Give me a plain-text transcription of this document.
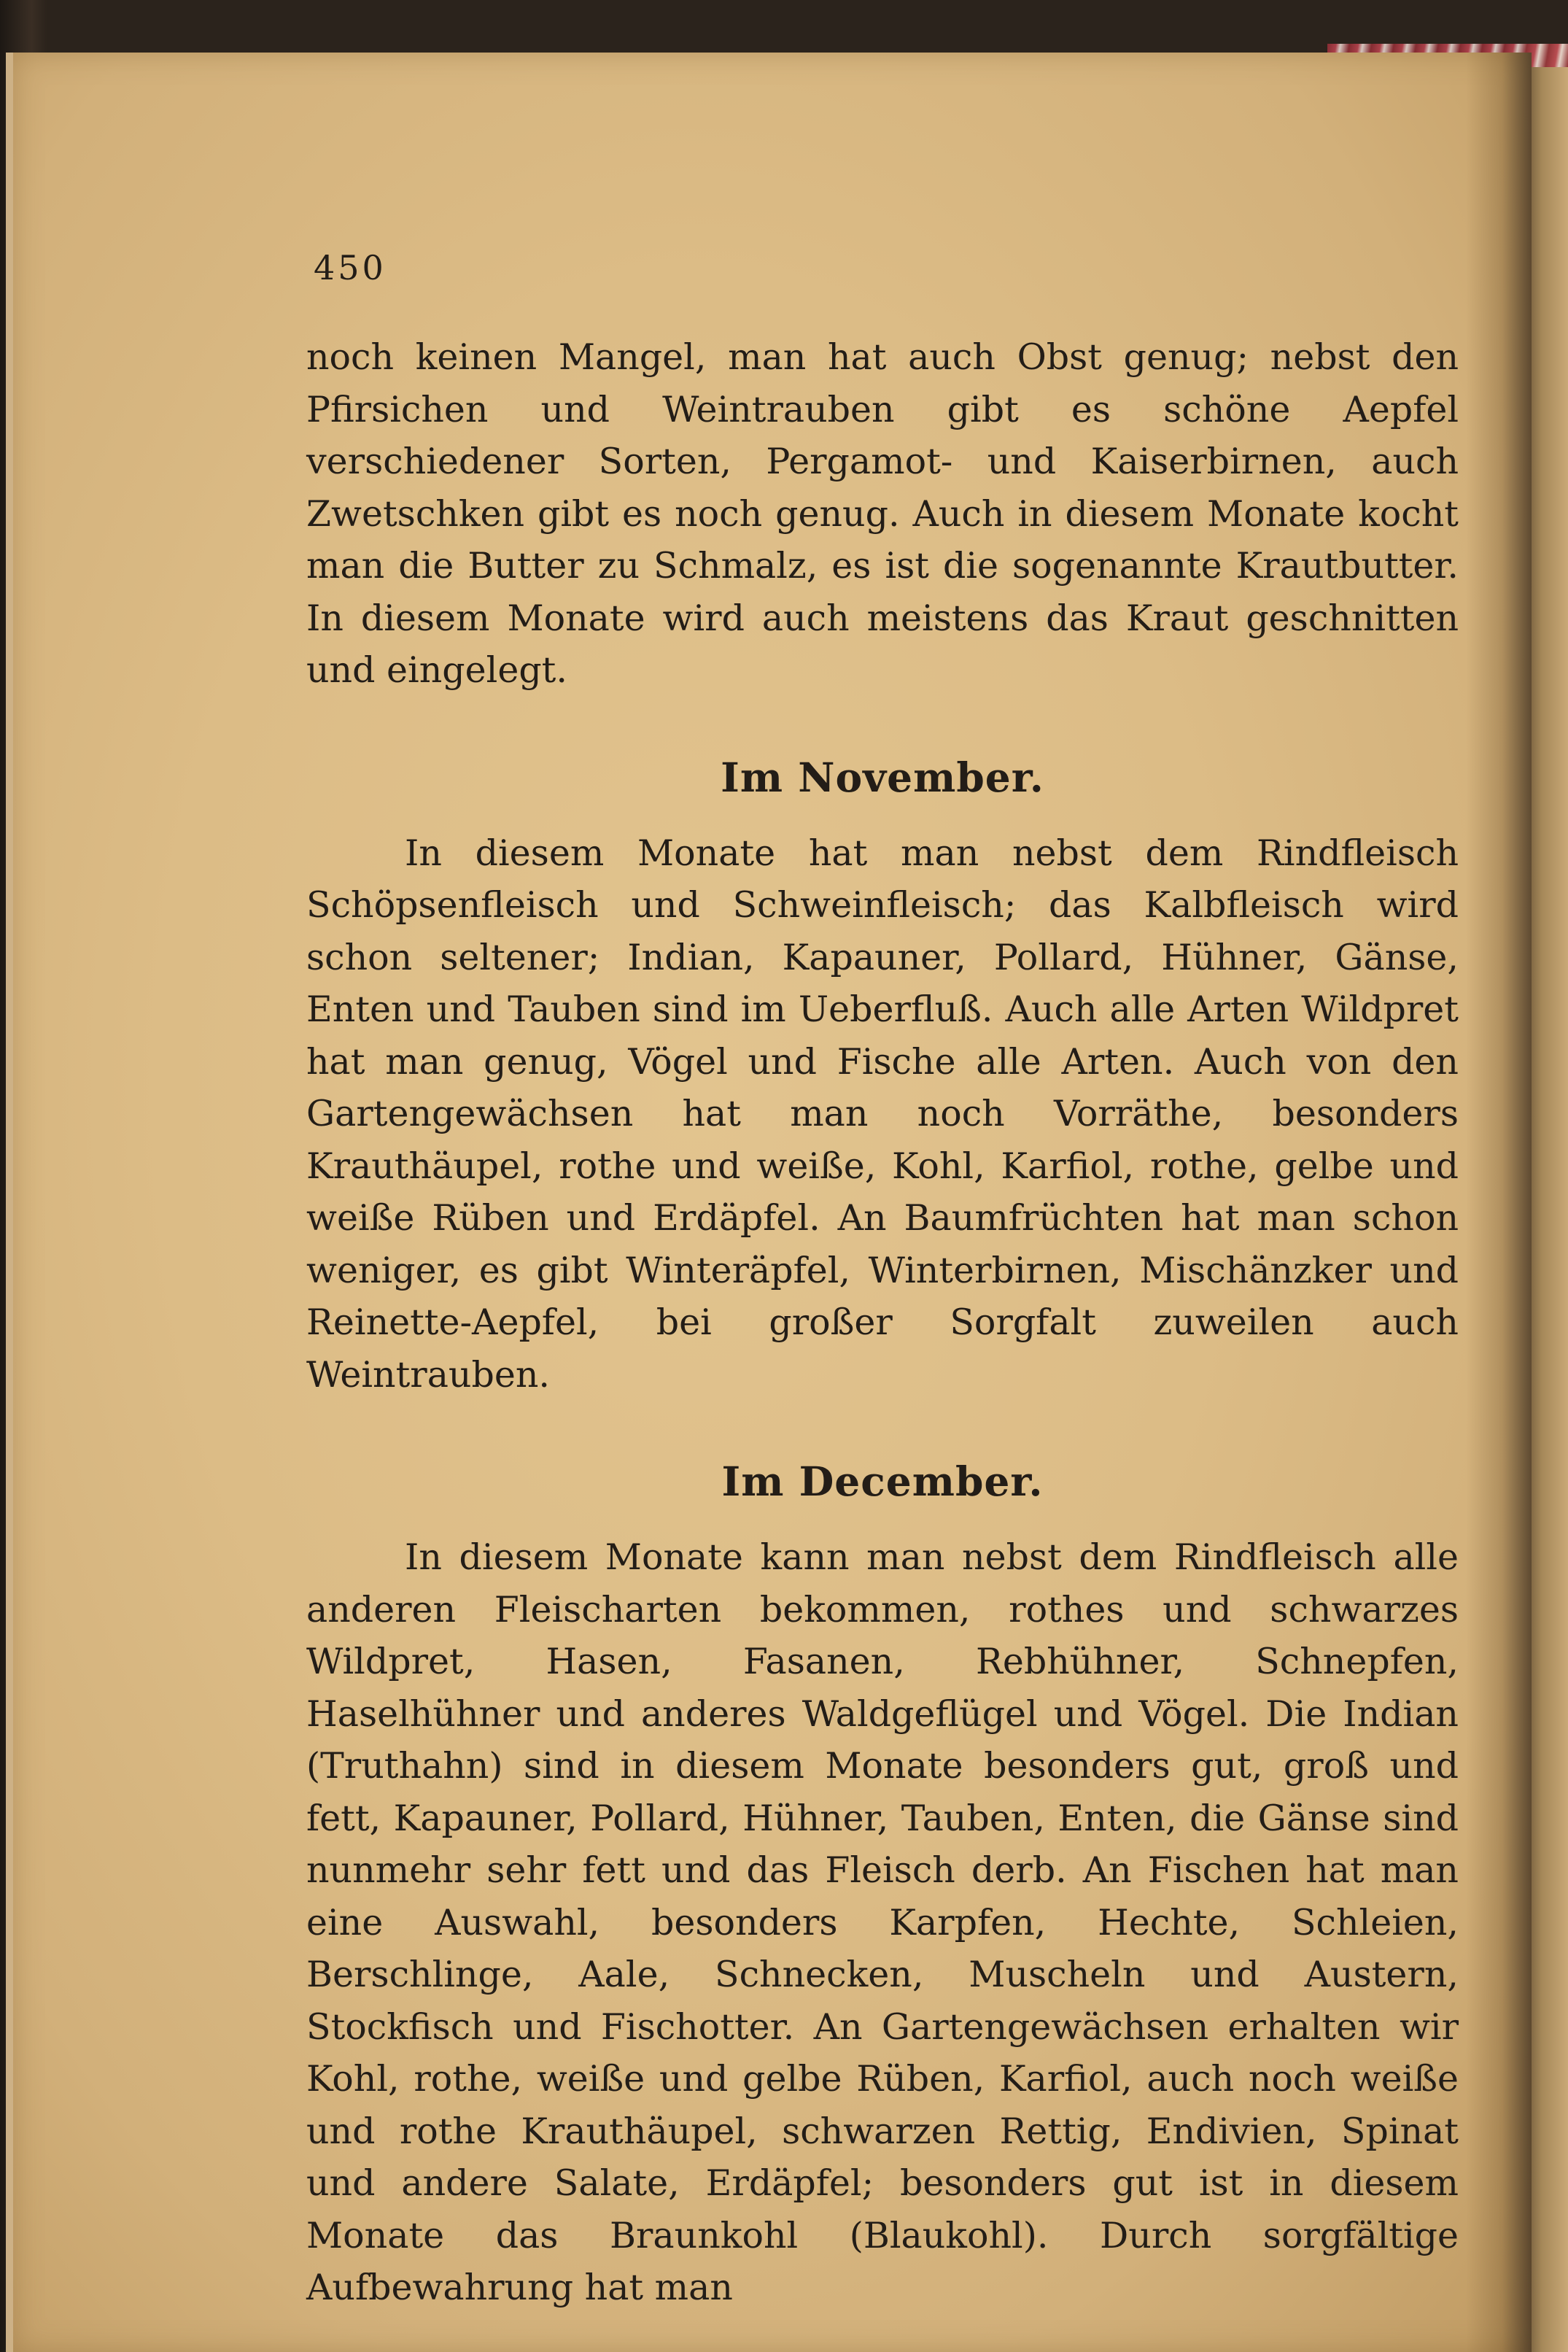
450

noch keinen Mangel, man hat auch Obst genug; nebst den Pfirsichen und Weintrauben gibt es schöne Aepfel verschiedener Sorten, Pergamot- und Kaiserbirnen, auch Zwetschken gibt es noch genug. Auch in diesem Monate kocht man die Butter zu Schmalz, es ist die sogenannte Krautbutter. In diesem Monate wird auch meistens das Kraut geschnitten und eingelegt.

Im November.

In diesem Monate hat man nebst dem Rindfleisch Schöpsenfleisch und Schweinfleisch; das Kalbfleisch wird schon seltener; Indian, Kapauner, Pollard, Hühner, Gänse, Enten und Tauben sind im Ueberfluß. Auch alle Arten Wildpret hat man genug, Vögel und Fische alle Arten. Auch von den Gartengewächsen hat man noch Vorräthe, besonders Krauthäupel, rothe und weiße, Kohl, Karfiol, rothe, gelbe und weiße Rüben und Erdäpfel. An Baumfrüchten hat man schon weniger, es gibt Winteräpfel, Winterbirnen, Mischänzker und Reinette-Aepfel, bei großer Sorgfalt zuweilen auch Weintrauben.

Im December.

In diesem Monate kann man nebst dem Rindfleisch alle anderen Fleischarten bekommen, rothes und schwarzes Wildpret, Hasen, Fasanen, Rebhühner, Schnepfen, Haselhühner und anderes Waldgeflügel und Vögel. Die Indian (Truthahn) sind in diesem Monate besonders gut, groß und fett, Kapauner, Pollard, Hühner, Tauben, Enten, die Gänse sind nunmehr sehr fett und das Fleisch derb. An Fischen hat man eine Auswahl, besonders Karpfen, Hechte, Schleien, Berschlinge, Aale, Schnecken, Muscheln und Austern, Stockfisch und Fischotter. An Gartengewächsen erhalten wir Kohl, rothe, weiße und gelbe Rüben, Karfiol, auch noch weiße und rothe Krauthäupel, schwarzen Rettig, Endivien, Spinat und andere Salate, Erdäpfel; besonders gut ist in diesem Monate das Braunkohl (Blaukohl). Durch sorgfältige Aufbewahrung hat man
